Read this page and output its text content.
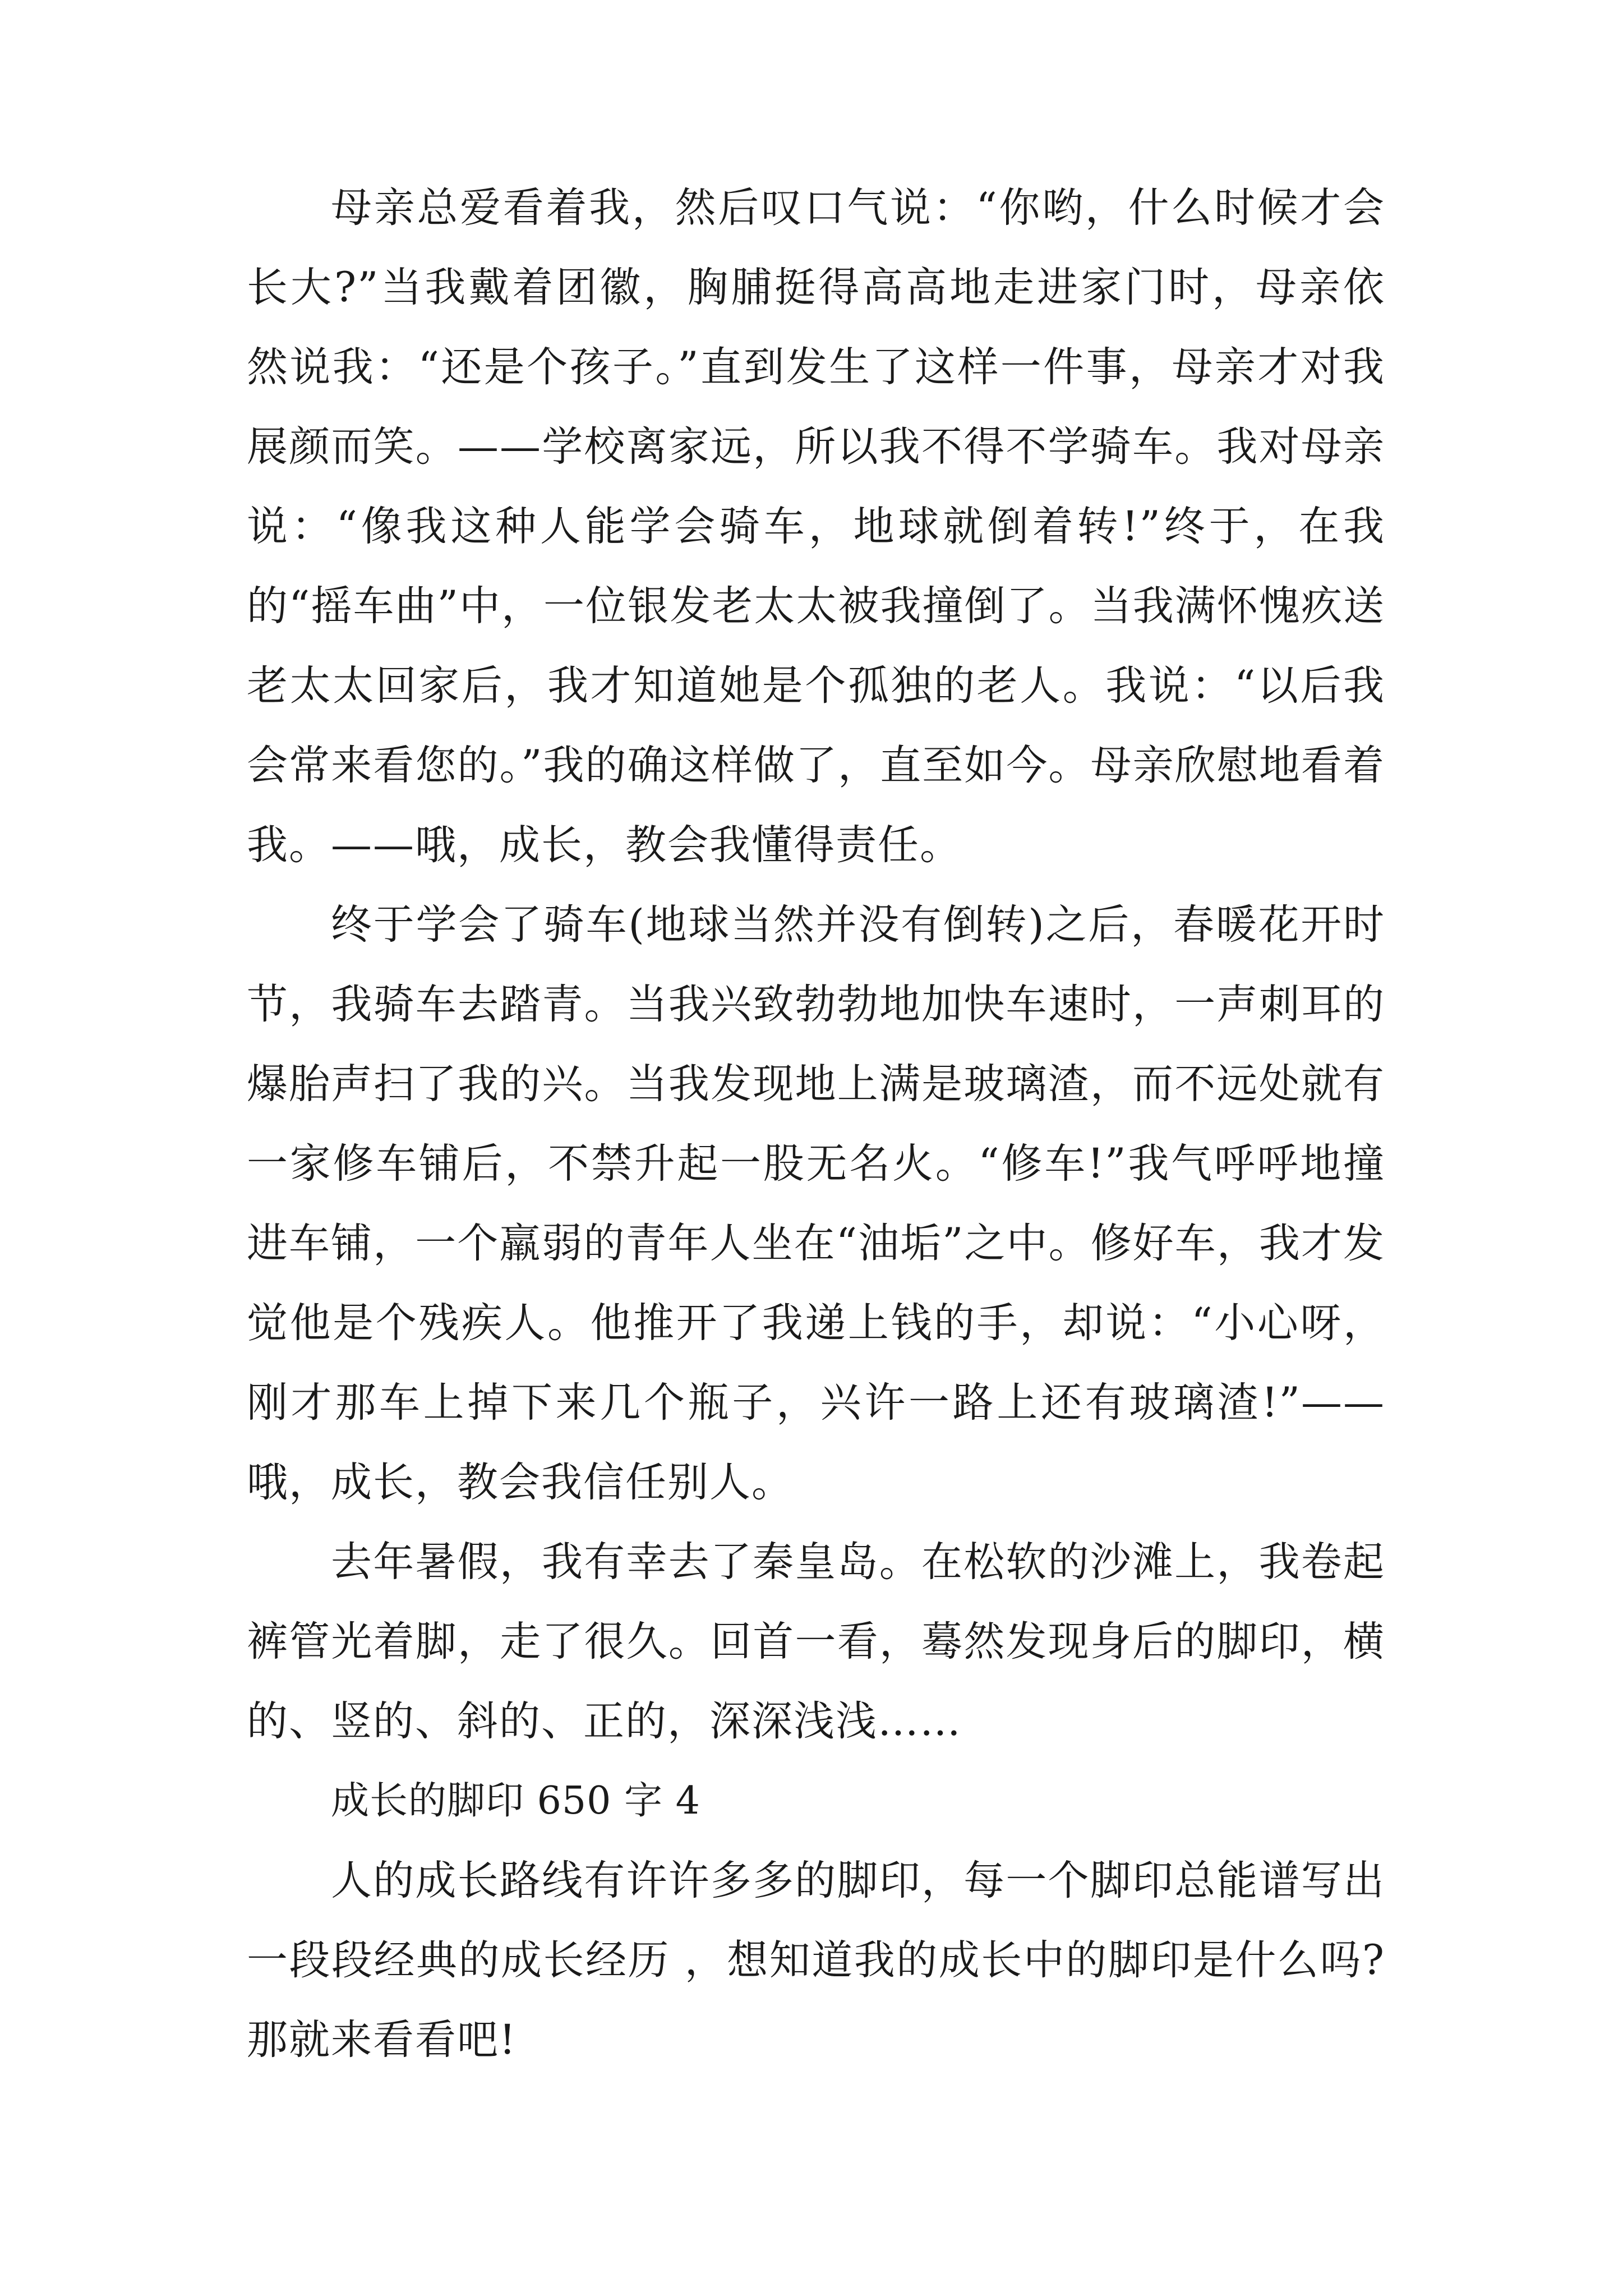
母亲总爱看着我，然后叹口气说：“你哟，什么时候才会长大?”当我戴着团徽，胸脯挺得高高地走进家门时，母亲依然说我：“还是个孩子。”直到发生了这样一件事，母亲才对我展颜而笑。——学校离家远，所以我不得不学骑车。我对母亲说：“像我这种人能学会骑车，地球就倒着转!”终于，在我的“摇车曲”中，一位银发老太太被我撞倒了。当我满怀愧疚送老太太回家后，我才知道她是个孤独的老人。我说：“以后我会常来看您的。”我的确这样做了，直至如今。母亲欣慰地看着我。——哦，成长，教会我懂得责任。

终于学会了骑车(地球当然并没有倒转)之后，春暖花开时节，我骑车去踏青。当我兴致勃勃地加快车速时，一声刺耳的爆胎声扫了我的兴。当我发现地上满是玻璃渣，而不远处就有一家修车铺后，不禁升起一股无名火。“修车!”我气呼呼地撞进车铺，一个羸弱的青年人坐在“油垢”之中。修好车，我才发觉他是个残疾人。他推开了我递上钱的手，却说：“小心呀，刚才那车上掉下来几个瓶子，兴许一路上还有玻璃渣!”——哦，成长，教会我信任别人。

去年暑假，我有幸去了秦皇岛。在松软的沙滩上，我卷起裤管光着脚，走了很久。回首一看，蓦然发现身后的脚印，横的、竖的、斜的、正的，深深浅浅……

成长的脚印 650 字 4

人的成长路线有许许多多的脚印，每一个脚印总能谱写出一段段经典的成长经历 ，想知道我的成长中的脚印是什么吗?那就来看看吧!
